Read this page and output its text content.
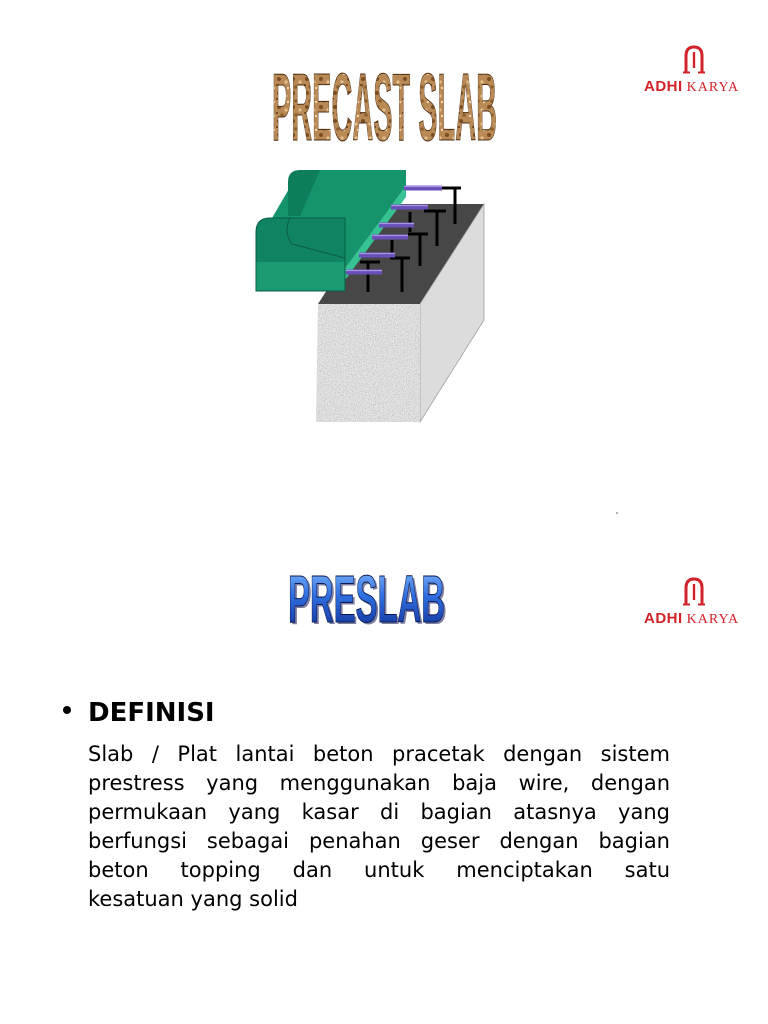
PRECAST SLAB	ADHI KARYA
PRESLAB
PRESLAB	ADHI KARYA
DEFINISI
Slab / Plat lantai beton pracetak dengan sistem
prestress yang menggunakan baja wire, dengan
permukaan yang kasar di bagian atasnya yang
berfungsi sebagai penahan geser dengan bagian
beton topping dan untuk menciptakan satu
kesatuan yang solid
